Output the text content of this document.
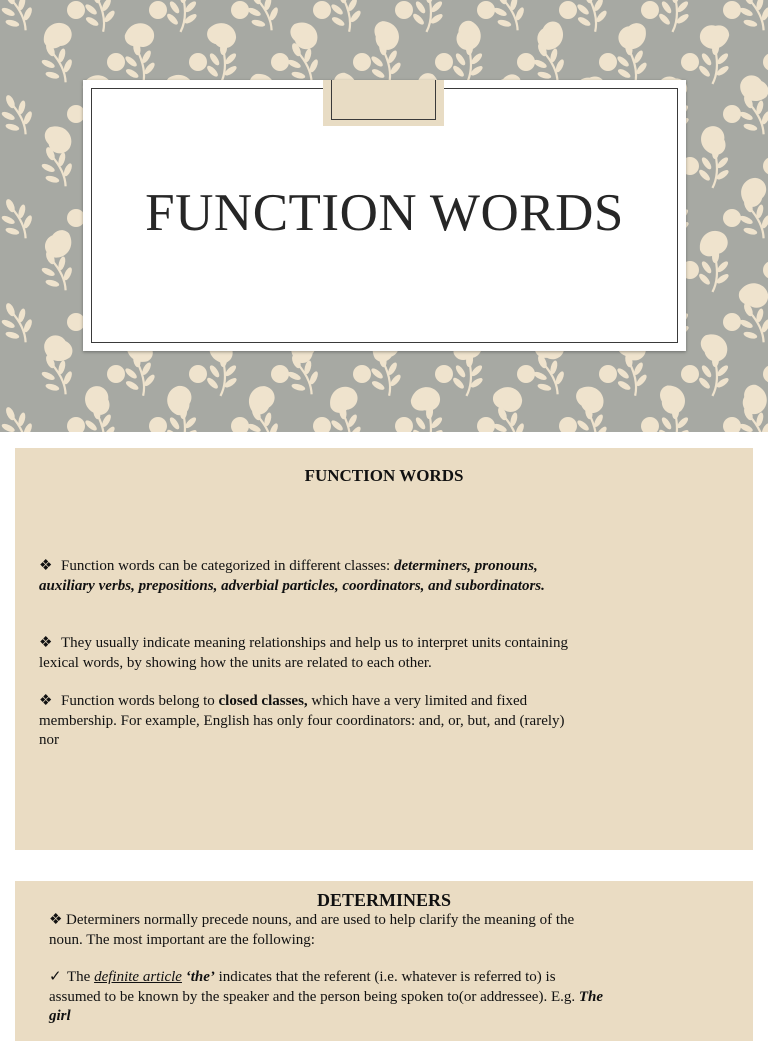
FUNCTION WORDS
FUNCTION WORDS
❖ Function words can be categorized in different classes: determiners, pronouns, auxiliary verbs, prepositions, adverbial particles, coordinators, and subordinators.
❖ They usually indicate meaning relationships and help us to interpret units containing lexical words, by showing how the units are related to each other.
❖ Function words belong to closed classes, which have a very limited and fixed membership. For example, English has only four coordinators: and, or, but, and (rarely) nor
DETERMINERS
❖ Determiners normally precede nouns, and are used to help clarify the meaning of the noun. The most important are the following:
✓ The definite article ‘the’ indicates that the referent (i.e. whatever is referred to) is assumed to be known by the speaker and the person being spoken to(or addressee). E.g. The girl
